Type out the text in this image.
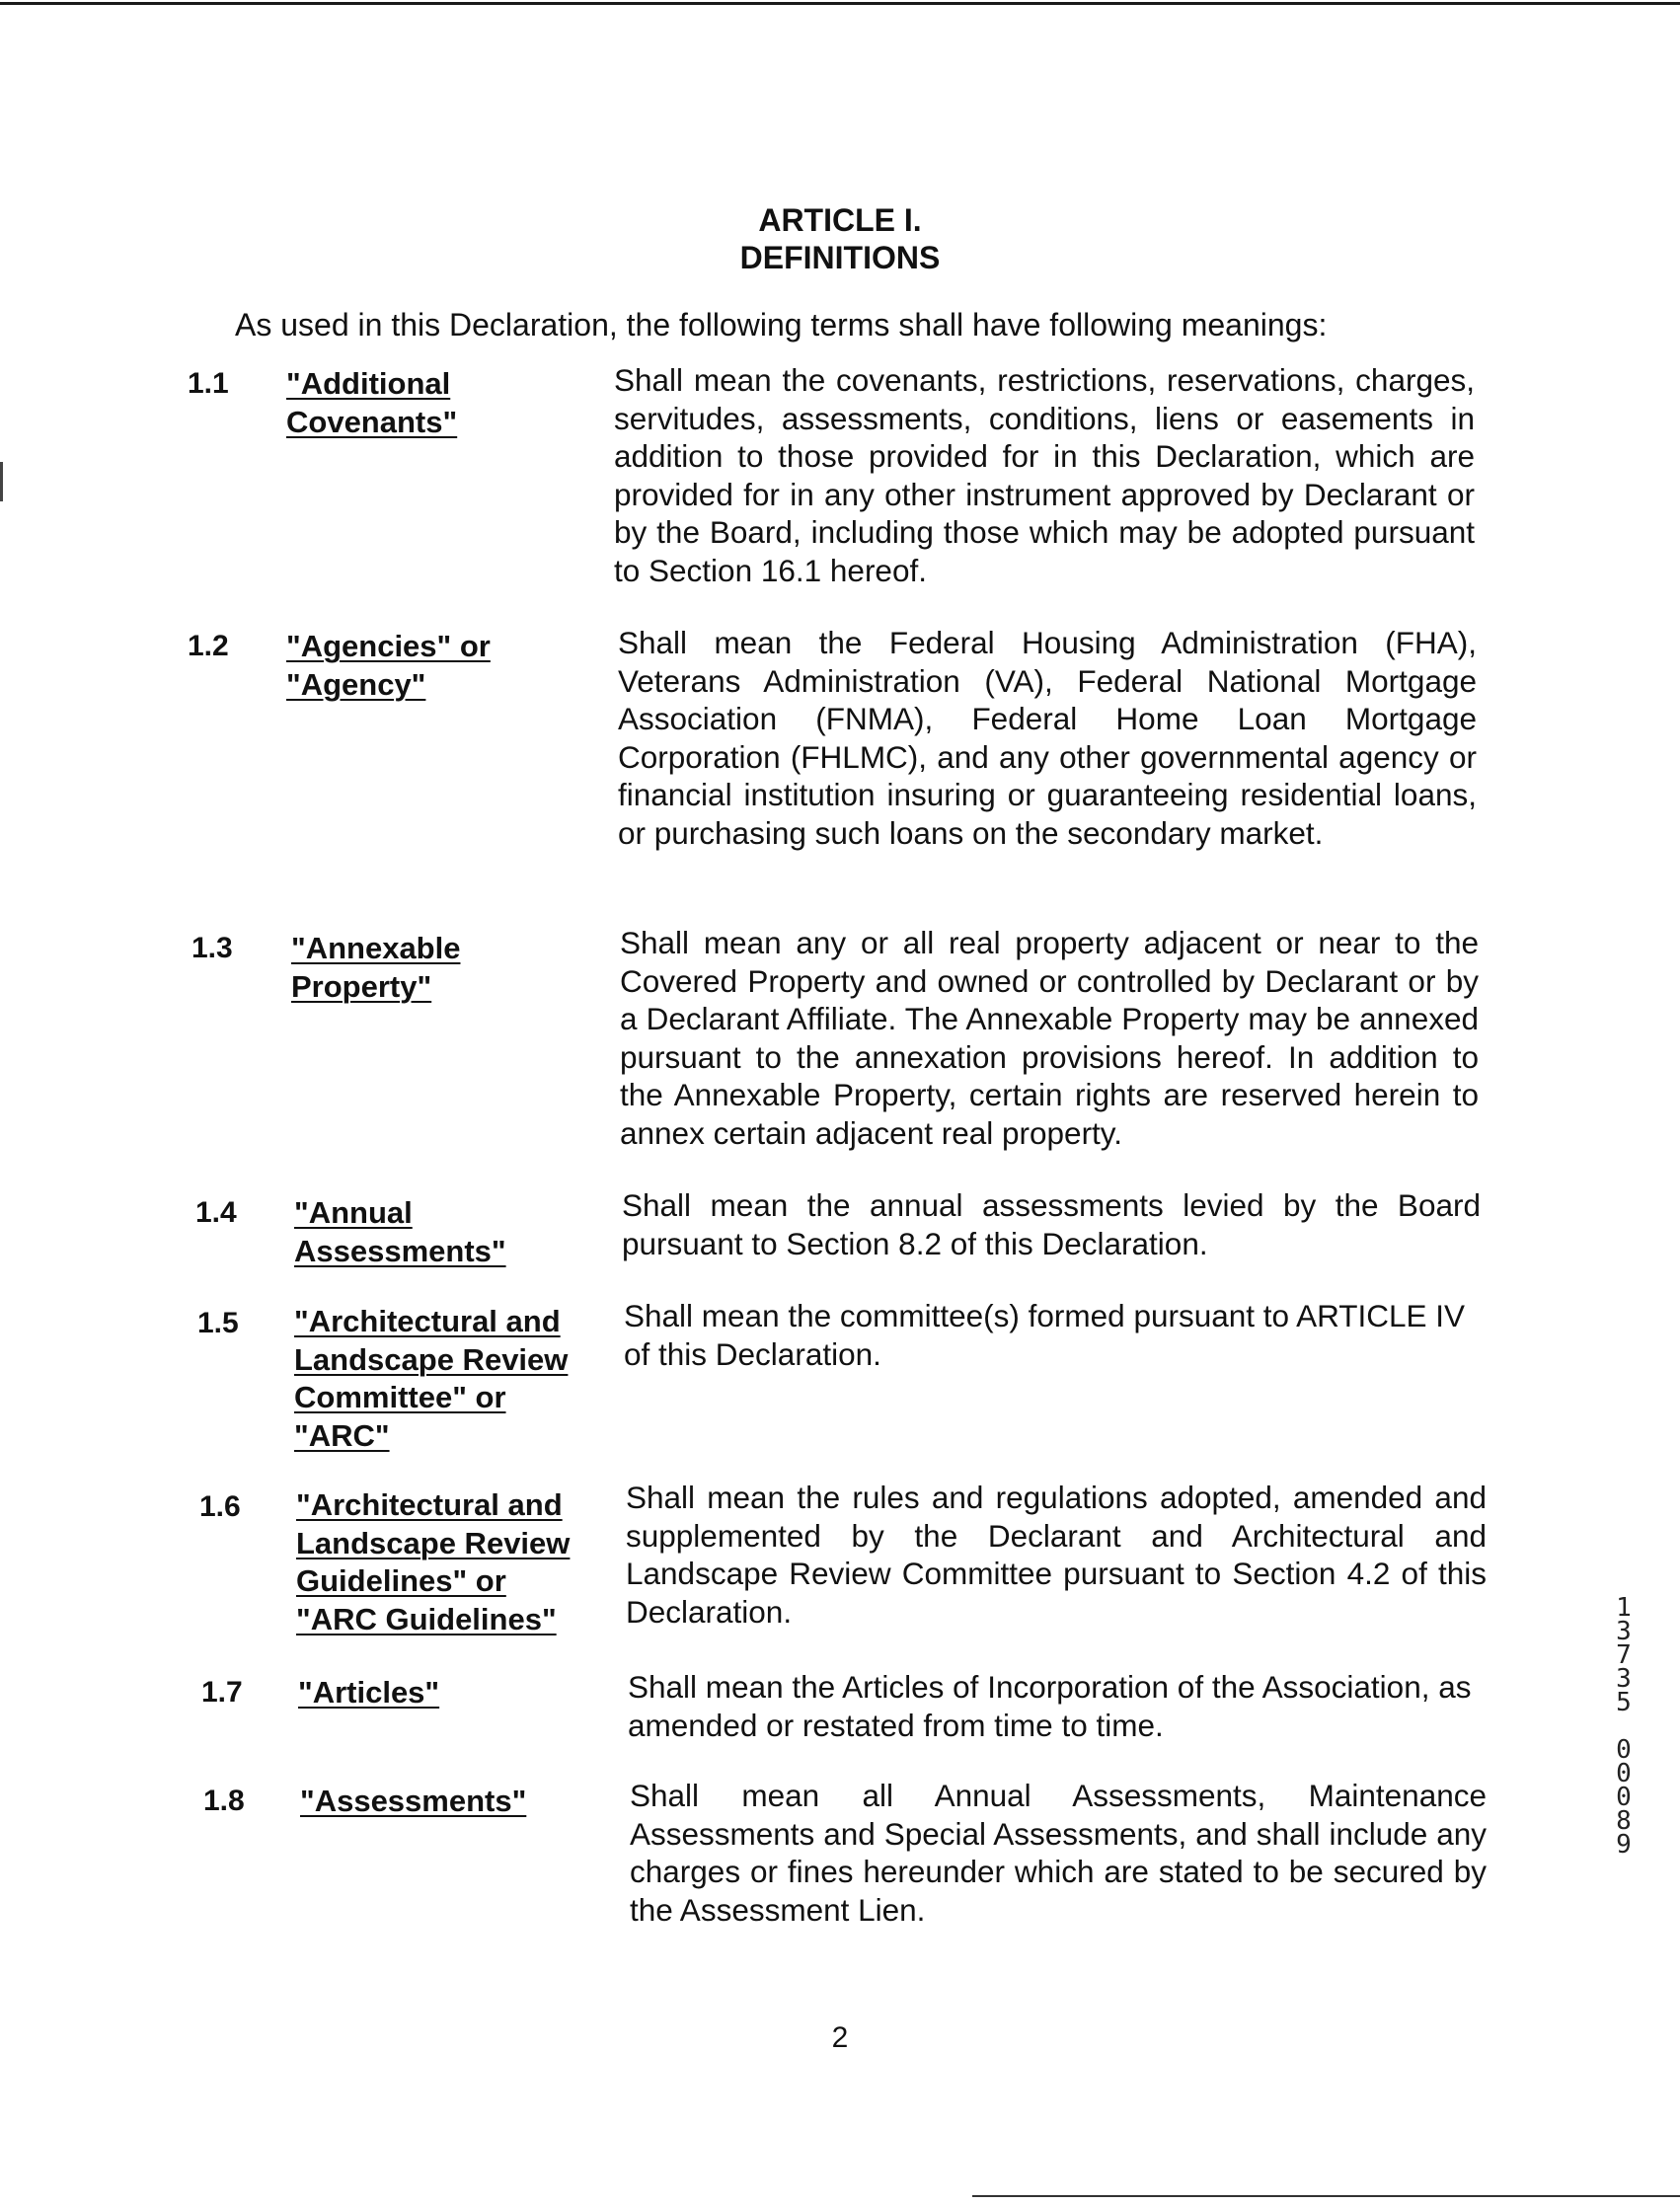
ARTICLE I.
DEFINITIONS
As used in this Declaration, the following terms shall have following meanings:
1.1 "Additional
Covenants"
Shall mean the covenants, restrictions, reservations, charges, servitudes, assessments, conditions, liens or easements in addition to those provided for in this Declaration, which are provided for in any other instrument approved by Declarant or by the Board, including those which may be adopted pursuant to Section 16.1 hereof.
1.2 "Agencies" or
"Agency"
Shall mean the Federal Housing Administration (FHA), Veterans Administration (VA), Federal National Mortgage Association (FNMA), Federal Home Loan Mortgage Corporation (FHLMC), and any other governmental agency or financial institution insuring or guaranteeing residential loans, or purchasing such loans on the secondary market.
1.3 "Annexable
Property"
Shall mean any or all real property adjacent or near to the Covered Property and owned or controlled by Declarant or by a Declarant Affiliate. The Annexable Property may be annexed pursuant to the annexation provisions hereof. In addition to the Annexable Property, certain rights are reserved herein to annex certain adjacent real property.
1.4 "Annual
Assessments"
Shall mean the annual assessments levied by the Board pursuant to Section 8.2 of this Declaration.
1.5 "Architectural and
Landscape Review
Committee" or
"ARC"
Shall mean the committee(s) formed pursuant to ARTICLE IV of this Declaration.
1.6 "Architectural and
Landscape Review
Guidelines" or
"ARC Guidelines"
Shall mean the rules and regulations adopted, amended and supplemented by the Declarant and Architectural and Landscape Review Committee pursuant to Section 4.2 of this Declaration.
1.7 "Articles"	Shall mean the Articles of Incorporation of the Association, as amended or restated from time to time.
1.8 "Assessments"	Shall mean all Annual Assessments, Maintenance Assessments and Special Assessments, and shall include any charges or fines hereunder which are stated to be secured by the Assessment Lien.
2
13735
00089
